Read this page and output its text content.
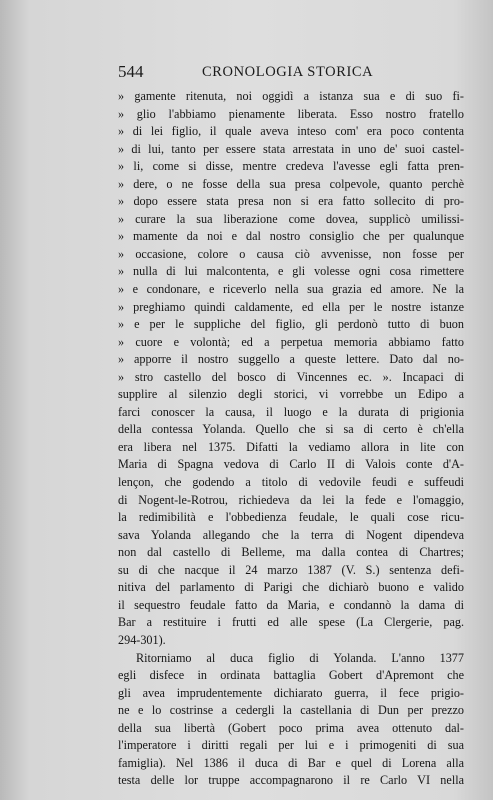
544	CRONOLOGIA STORICA
» gamente ritenuta, noi oggidì a istanza sua e di suo fi-
» glio l'abbiamo pienamente liberata. Esso nostro fratello
» di lei figlio, il quale aveva inteso com' era poco contenta
» di lui, tanto per essere stata arrestata in uno de' suoi castel-
» li, come si disse, mentre credeva l'avesse egli fatta pren-
» dere, o ne fosse della sua presa colpevole, quanto perchè
» dopo essere stata presa non si era fatto sollecito di pro-
» curare la sua liberazione come dovea, supplicò umilissi-
» mamente da noi e dal nostro consiglio che per qualunque
» occasione, colore o causa ciò avvenisse, non fosse per
» nulla di lui malcontenta, e gli volesse ogni cosa rimettere
» e condonare, e riceverlo nella sua grazia ed amore. Ne la
» preghiamo quindi caldamente, ed ella per le nostre istanze
» e per le suppliche del figlio, gli perdonò tutto di buon
» cuore e volontà; ed a perpetua memoria abbiamo fatto
» apporre il nostro suggello a queste lettere. Dato dal no-
» stro castello del bosco di Vincennes ec. ». Incapaci di
supplire al silenzio degli storici, vi vorrebbe un Edipo a
farci conoscer la causa, il luogo e la durata di prigionia
della contessa Yolanda. Quello che si sa di certo è ch'ella
era libera nel 1375. Difatti la vediamo allora in lite con
Maria di Spagna vedova di Carlo II di Valois conte d'A-
lençon, che godendo a titolo di vedovile feudi e suffeudi
di Nogent-le-Rotrou, richiedeva da lei la fede e l'omaggio,
la redimibilità e l'obbedienza feudale, le quali cose ricu-
sava Yolanda allegando che la terra di Nogent dipendeva
non dal castello di Belleme, ma dalla contea di Chartres;
su di che nacque il 24 marzo 1387 (V. S.) sentenza defi-
nitiva del parlamento di Parigi che dichiarò buono e valido
il sequestro feudale fatto da Maria, e condannò la dama di
Bar a restituire i frutti ed alle spese (La Clergerie, pag.
294-301).
Ritorniamo al duca figlio di Yolanda. L'anno 1377
egli disfece in ordinata battaglia Gobert d'Apremont che
gli avea imprudentemente dichiarato guerra, il fece prigio-
ne e lo costrinse a cedergli la castellania di Dun per prezzo
della sua libertà (Gobert poco prima avea ottenuto dal-
l'imperatore i diritti regali per lui e i primogeniti di sua
famiglia). Nel 1386 il duca di Bar e quel di Lorena alla
testa delle lor truppe accompagnarono il re Carlo VI nella
